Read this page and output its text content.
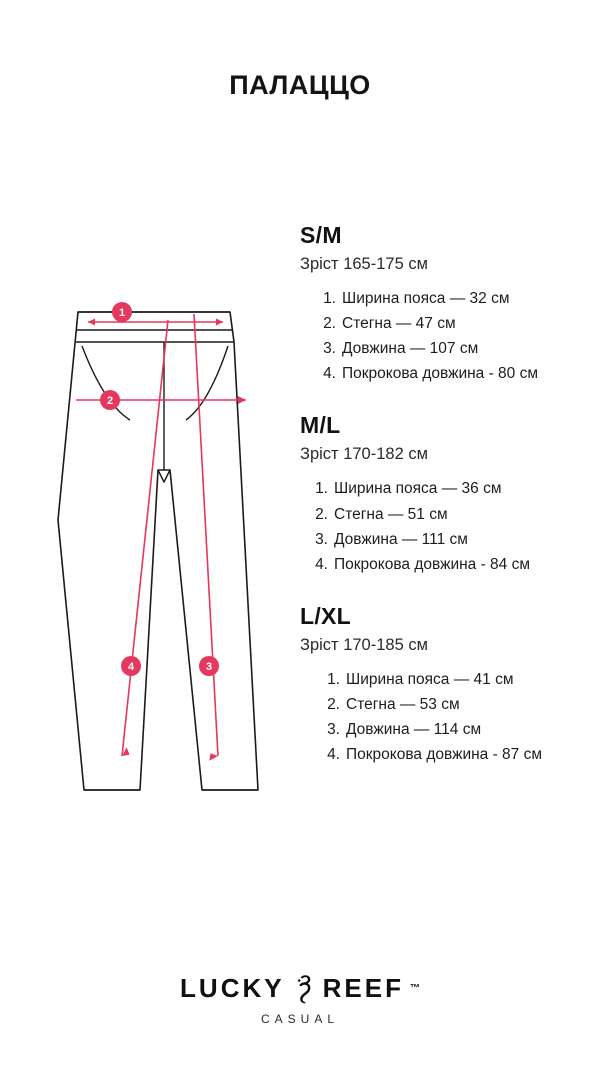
ПАЛАЦЦО
1
2
3
4
S/M
Зріст 165-175 см
1. Ширина пояса — 32 см
2. Стегна — 47 см
3. Довжина — 107 см
4. Покрокова довжина - 80 см
M/L
Зріст 170-182 см
1. Ширина пояса — 36 см
2. Стегна — 51 см
3. Довжина — 111 см
4. Покрокова довжина - 84 см
L/XL
Зріст 170-185 см
1. Ширина пояса — 41 см
2. Стегна — 53 см
3. Довжина — 114 см
4. Покрокова довжина - 87 см
LUCKY REEF ™
CASUAL
